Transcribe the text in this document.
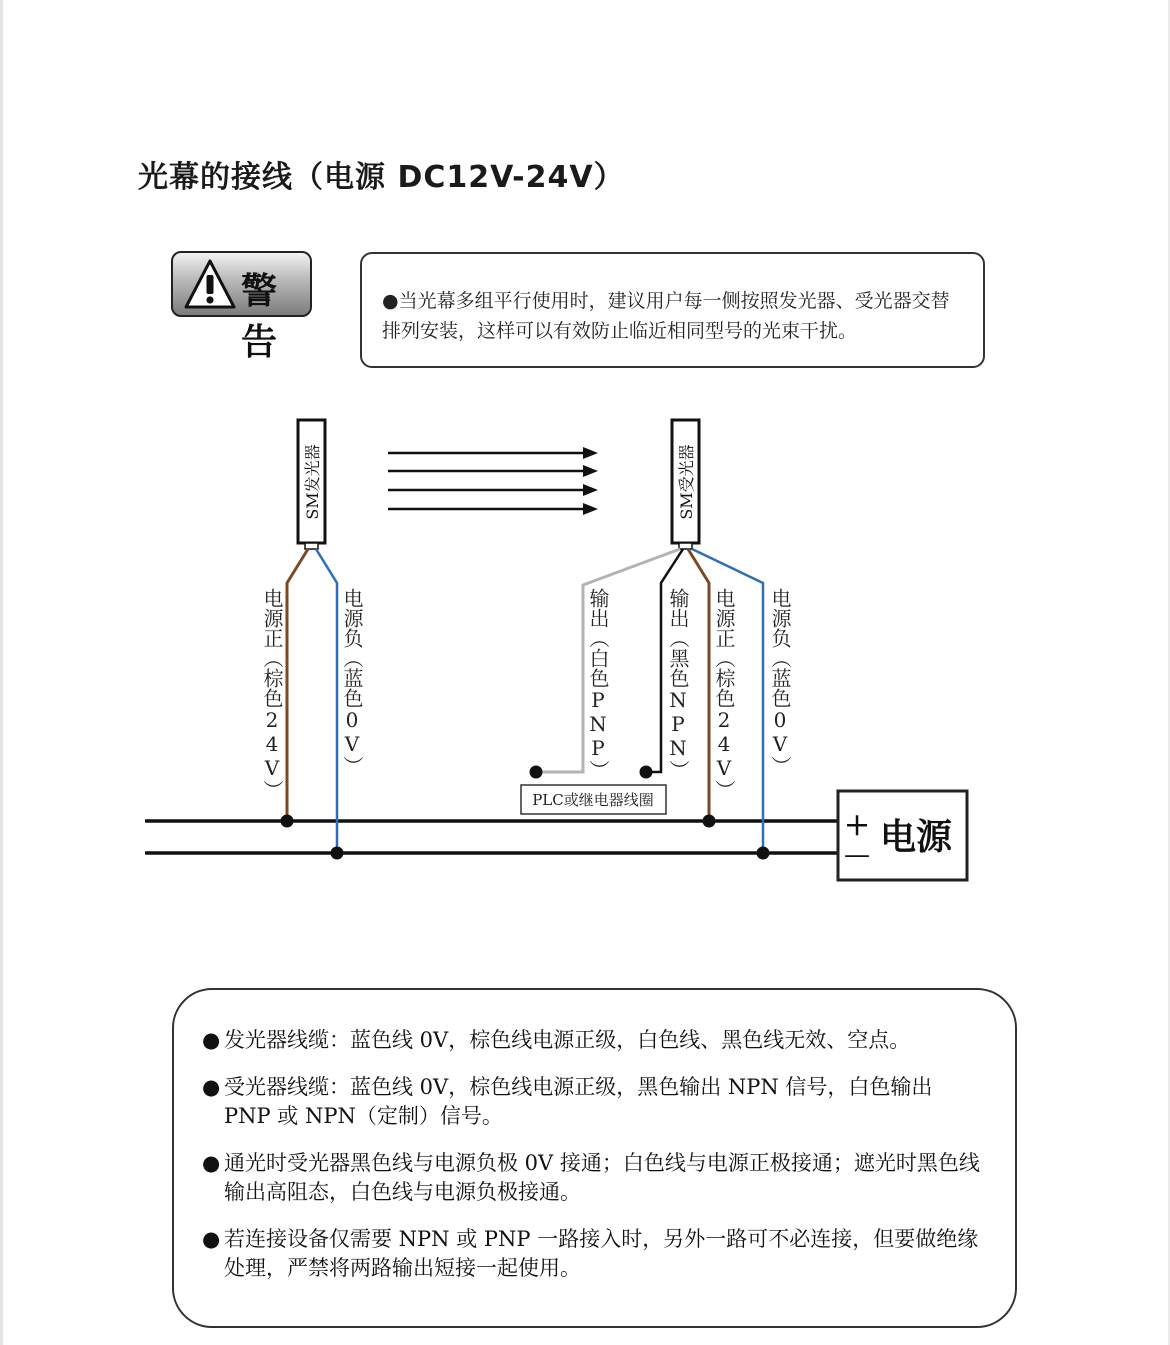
光幕的接线（电源 DC12V-24V）
警告
●当光幕多组平行使用时，建议用户每一侧按照发光器、受光器交替排列安装，这样可以有效防止临近相同型号的光束干扰。
SM发光器	SM受光器
PLC或继电器线圈
+
— 电源
电源正（棕色24V）	电源负（蓝色0V）	输出（白色PNP）	输出（黑色NPN） 电源正（棕色24V） 电源负（蓝色0V）
● 发光器线缆：蓝色线 0V，棕色线电源正级，白色线、黑色线无效、空点。
● 受光器线缆：蓝色线 0V，棕色线电源正级，黑色输出 NPN 信号，白色输出 PNP 或 NPN（定制）信号。
● 通光时受光器黑色线与电源负极 0V 接通；白色线与电源正极接通；遮光时黑色线输出高阻态，白色线与电源负极接通。
● 若连接设备仅需要 NPN 或 PNP 一路接入时，另外一路可不必连接，但要做绝缘处理，严禁将两路输出短接一起使用。
